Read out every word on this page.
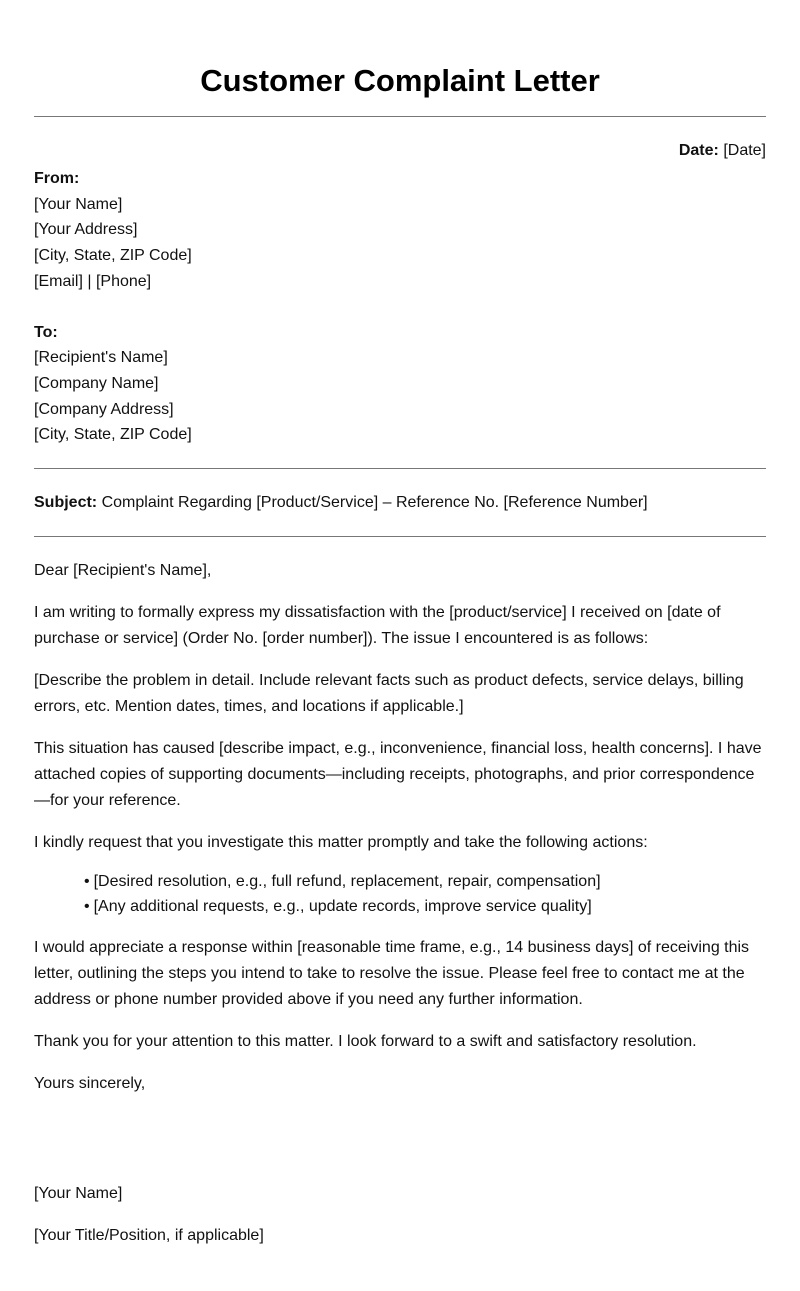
Customer Complaint Letter
Date: [Date]
From:
[Your Name]
[Your Address]
[City, State, ZIP Code]
[Email] | [Phone]
To:
[Recipient's Name]
[Company Name]
[Company Address]
[City, State, ZIP Code]
Subject: Complaint Regarding [Product/Service] – Reference No. [Reference Number]

Dear [Recipient's Name],

I am writing to formally express my dissatisfaction with the [product/service] I received on [date of purchase or service] (Order No. [order number]). The issue I encountered is as follows:

[Describe the problem in detail. Include relevant facts such as product defects, service delays, billing errors, etc. Mention dates, times, and locations if applicable.]

This situation has caused [describe impact, e.g., inconvenience, financial loss, health concerns]. I have attached copies of supporting documents—including receipts, photographs, and prior correspondence—for your reference.

I kindly request that you investigate this matter promptly and take the following actions:

• [Desired resolution, e.g., full refund, replacement, repair, compensation]
• [Any additional requests, e.g., update records, improve service quality]

I would appreciate a response within [reasonable time frame, e.g., 14 business days] of receiving this letter, outlining the steps you intend to take to resolve the issue. Please feel free to contact me at the address or phone number provided above if you need any further information.

Thank you for your attention to this matter. I look forward to a swift and satisfactory resolution.

Yours sincerely,

[Your Name]

[Your Title/Position, if applicable]
